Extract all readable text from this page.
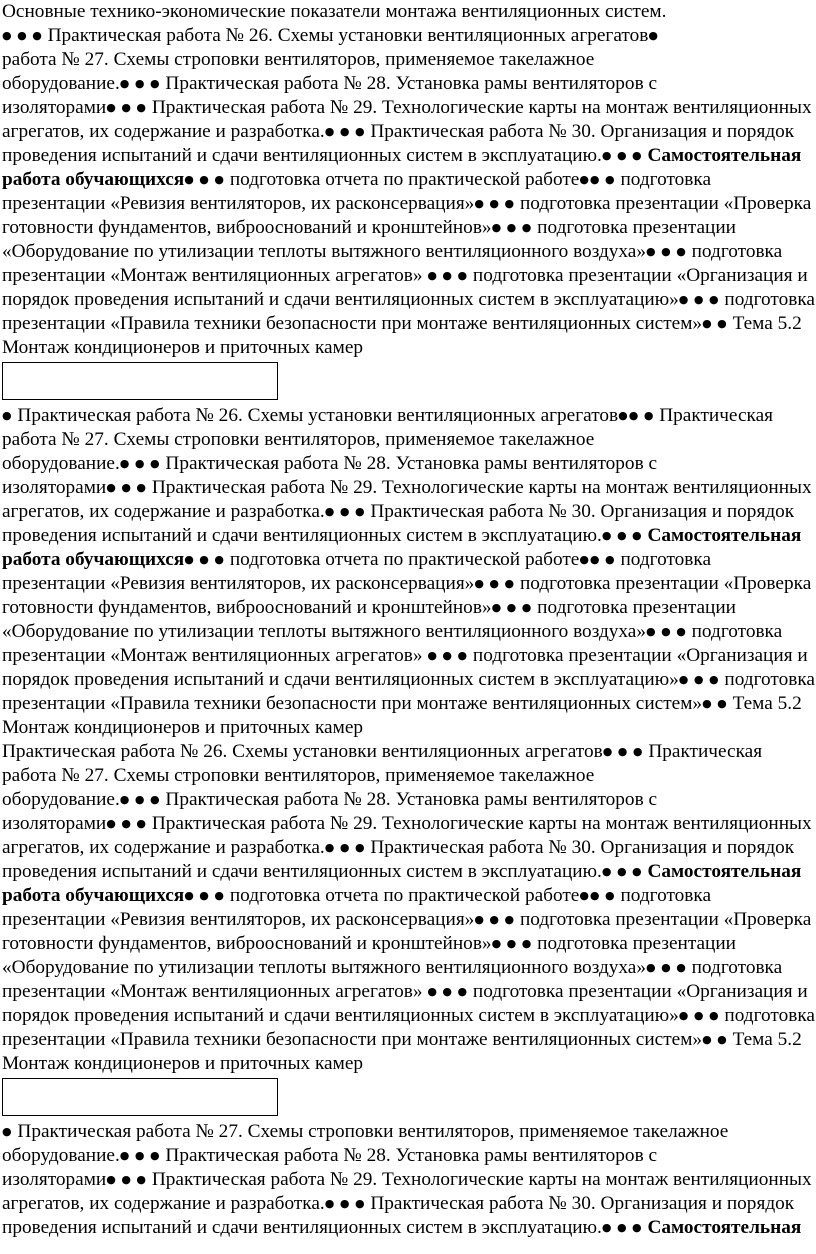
Основные технико-экономические показатели монтажа вентиляционных систем.
● ● ● Практическая работа № 26. Схемы установки вентиляционных агрегатов●
работа № 27. Схемы строповки вентиляторов, применяемое такелажное
оборудование.● ● ● Практическая работа № 28. Установка рамы вентиляторов с
изоляторами● ● ● Практическая работа № 29. Технологические карты на монтаж вентиляционных
агрегатов, их содержание и разработка.● ● ● Практическая работа № 30. Организация и порядок
проведения испытаний и сдачи вентиляционных систем в эксплуатацию.● ● ● Самостоятельная
работа обучающихся● ● ● подготовка отчета по практической работе●● ● подготовка
презентации «Ревизия вентиляторов, их расконсервация»● ● ● подготовка презентации «Проверка
готовности фундаментов, виброоснований и кронштейнов»● ● ● подготовка презентации
«Оборудование по утилизации теплоты вытяжного вентиляционного воздуха»● ● ● подготовка
презентации «Монтаж вентиляционных агрегатов» ● ● ● подготовка презентации «Организация и
порядок проведения испытаний и сдачи вентиляционных систем в эксплуатацию»● ● ● подготовка
презентации «Правила техники безопасности при монтаже вентиляционных систем»● ● Тема 5.2
Монтаж кондиционеров и приточных камер
● Практическая работа № 26. Схемы установки вентиляционных агрегатов●● ● Практическая
работа № 27. Схемы строповки вентиляторов, применяемое такелажное
оборудование.● ● ● Практическая работа № 28. Установка рамы вентиляторов с
изоляторами● ● ● Практическая работа № 29. Технологические карты на монтаж вентиляционных
агрегатов, их содержание и разработка.● ● ● Практическая работа № 30. Организация и порядок
проведения испытаний и сдачи вентиляционных систем в эксплуатацию.● ● ● Самостоятельная
работа обучающихся● ● ● подготовка отчета по практической работе●● ● подготовка
презентации «Ревизия вентиляторов, их расконсервация»● ● ● подготовка презентации «Проверка
готовности фундаментов, виброоснований и кронштейнов»● ● ● подготовка презентации
«Оборудование по утилизации теплоты вытяжного вентиляционного воздуха»● ● ● подготовка
презентации «Монтаж вентиляционных агрегатов» ● ● ● подготовка презентации «Организация и
порядок проведения испытаний и сдачи вентиляционных систем в эксплуатацию»● ● ● подготовка
презентации «Правила техники безопасности при монтаже вентиляционных систем»● ● Тема 5.2
Монтаж кондиционеров и приточных камер
Практическая работа № 26. Схемы установки вентиляционных агрегатов● ● ● Практическая
работа № 27. Схемы строповки вентиляторов, применяемое такелажное
оборудование.● ● ● Практическая работа № 28. Установка рамы вентиляторов с
изоляторами● ● ● Практическая работа № 29. Технологические карты на монтаж вентиляционных
агрегатов, их содержание и разработка.● ● ● Практическая работа № 30. Организация и порядок
проведения испытаний и сдачи вентиляционных систем в эксплуатацию.● ● ● Самостоятельная
работа обучающихся● ● ● подготовка отчета по практической работе●● ● подготовка
презентации «Ревизия вентиляторов, их расконсервация»● ● ● подготовка презентации «Проверка
готовности фундаментов, виброоснований и кронштейнов»● ● ● подготовка презентации
«Оборудование по утилизации теплоты вытяжного вентиляционного воздуха»● ● ● подготовка
презентации «Монтаж вентиляционных агрегатов» ● ● ● подготовка презентации «Организация и
порядок проведения испытаний и сдачи вентиляционных систем в эксплуатацию»● ● ● подготовка
презентации «Правила техники безопасности при монтаже вентиляционных систем»● ● Тема 5.2
Монтаж кондиционеров и приточных камер
● Практическая работа № 27. Схемы строповки вентиляторов, применяемое такелажное
оборудование.● ● ● Практическая работа № 28. Установка рамы вентиляторов с
изоляторами● ● ● Практическая работа № 29. Технологические карты на монтаж вентиляционных
агрегатов, их содержание и разработка.● ● ● Практическая работа № 30. Организация и порядок
проведения испытаний и сдачи вентиляционных систем в эксплуатацию.● ● ● Самостоятельная
